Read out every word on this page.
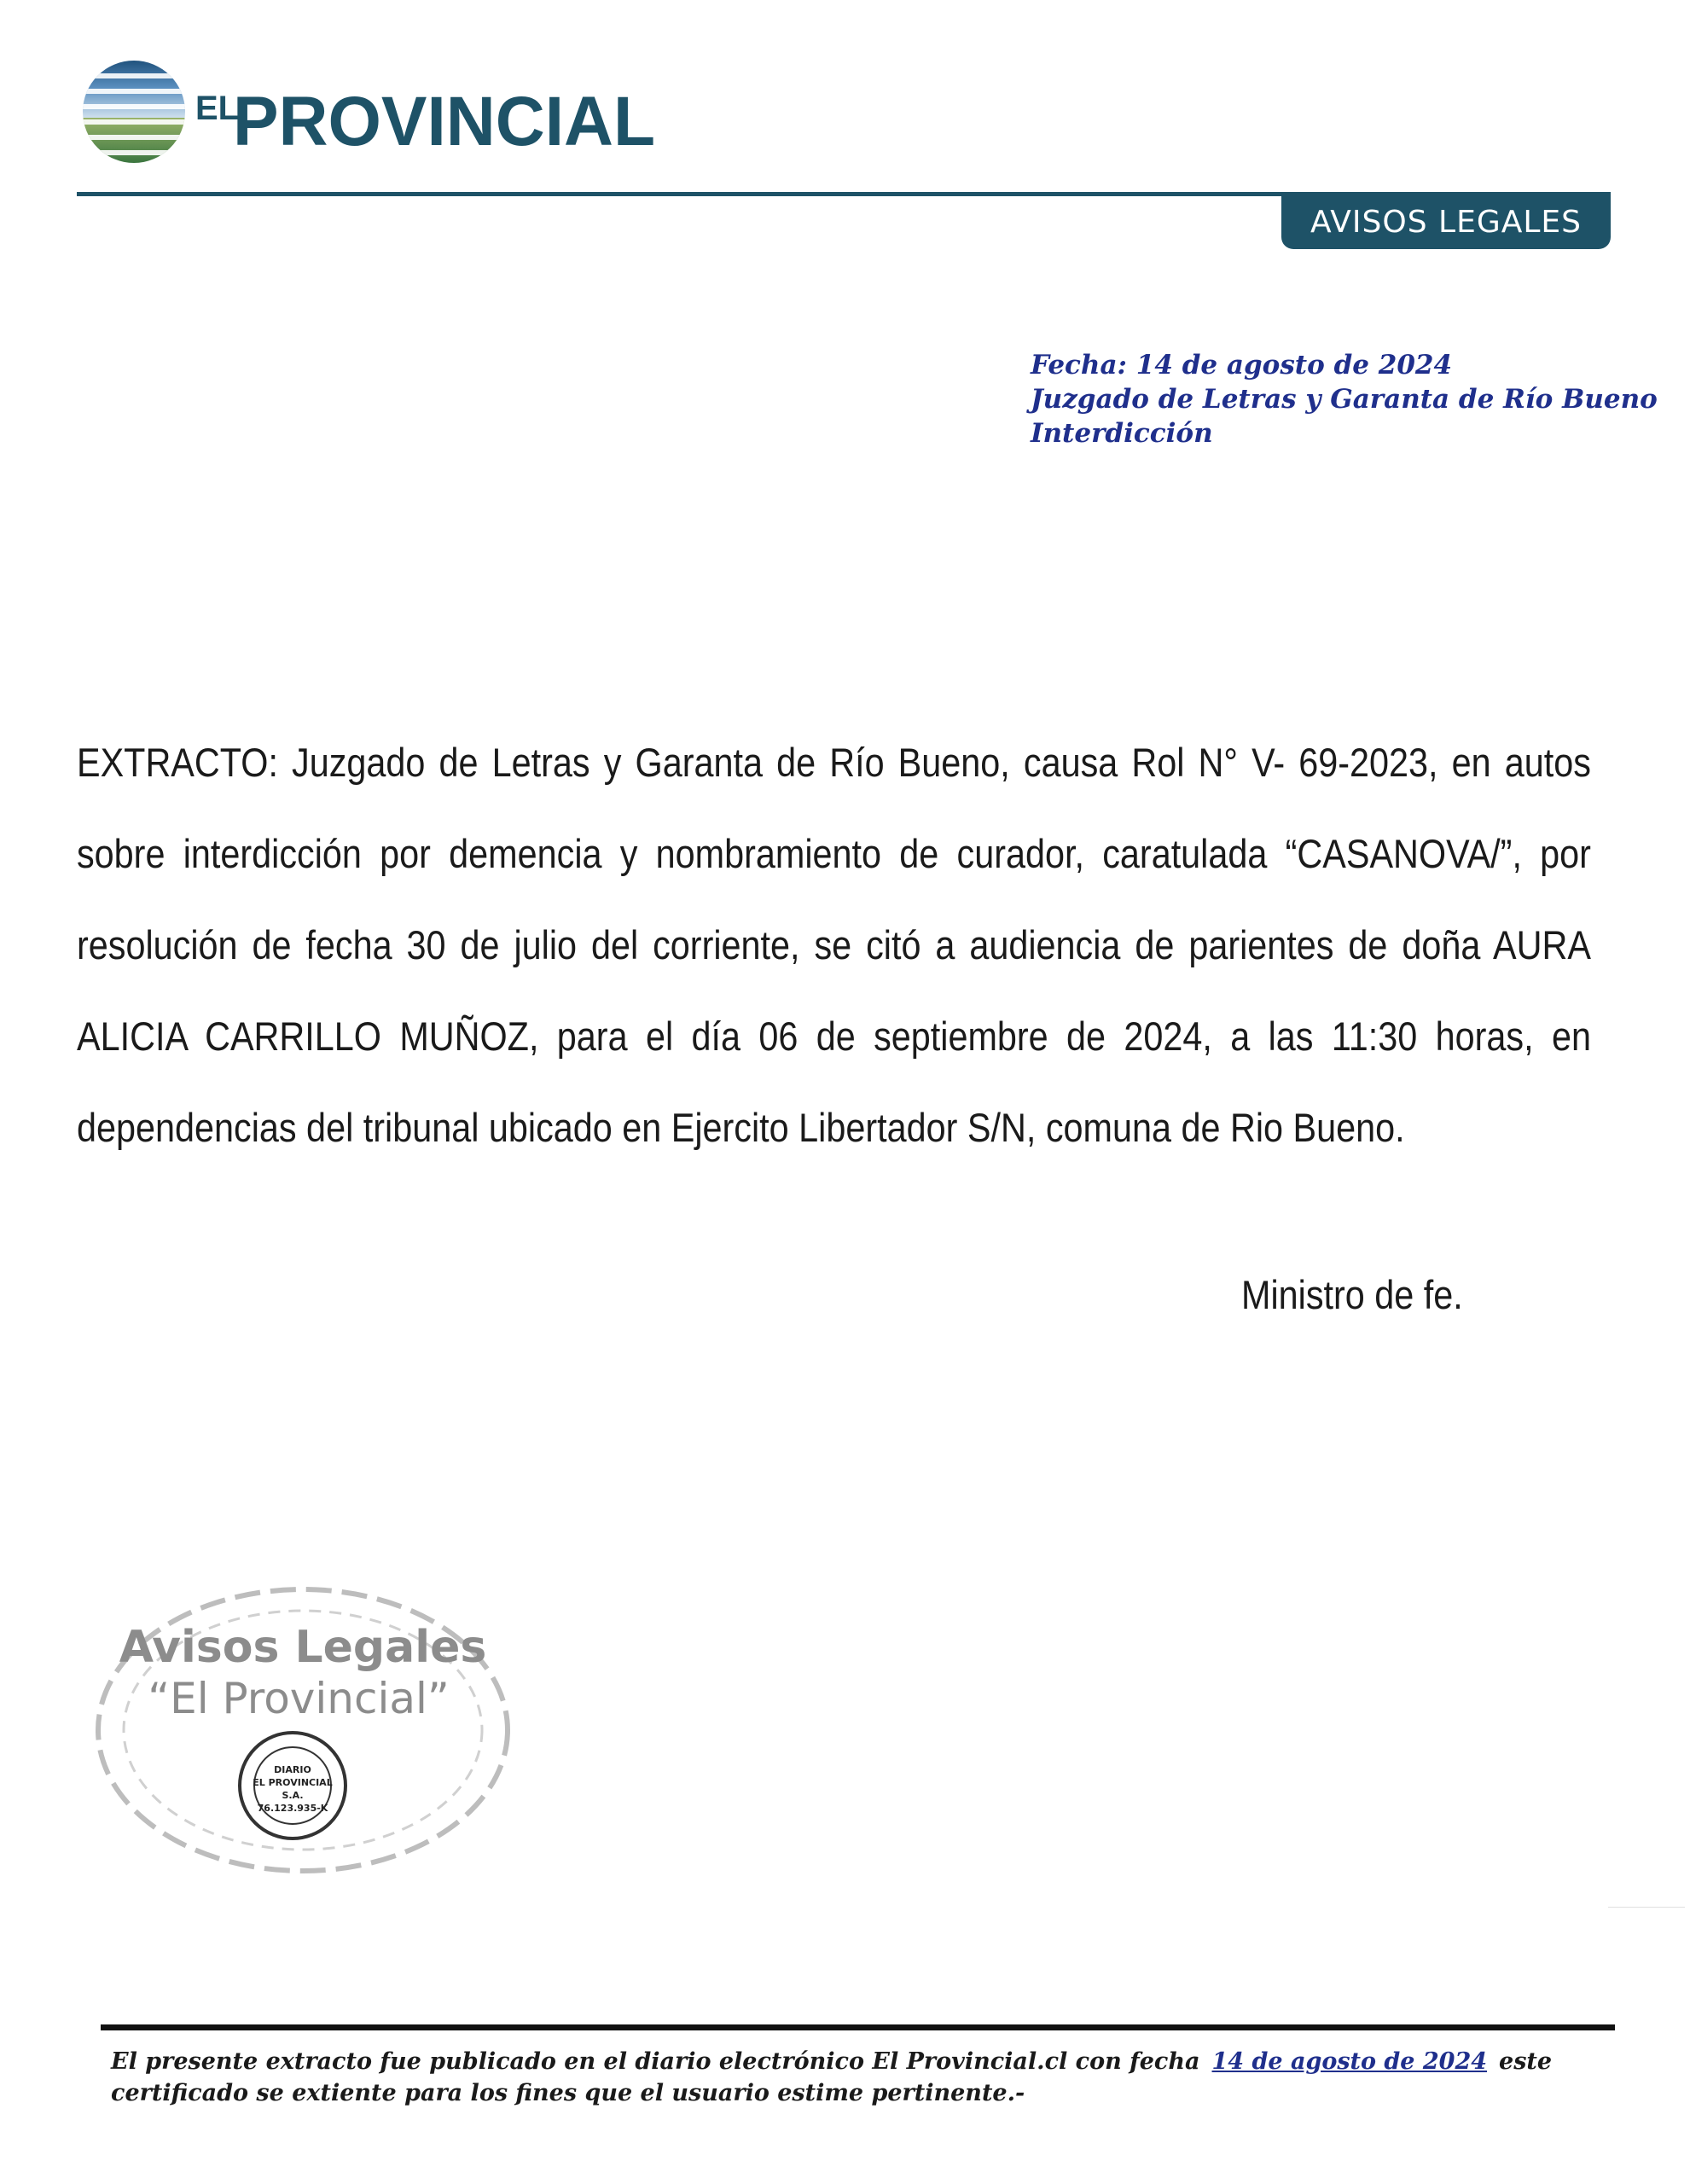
EL
PROVINCIAL
AVISOS LEGALES
Fecha: 14 de agosto de 2024
Juzgado de Letras y Garanta de Río Bueno
Interdicción
EXTRACTO: Juzgado de Letras y Garanta de Río Bueno, causa Rol N° V- 69-2023, en autos sobre interdicción por demencia y nombramiento de curador, caratulada “CASANOVA/”, por resolución de fecha 30 de julio del corriente, se citó a audiencia de parientes de doña AURA ALICIA CARRILLO MUÑOZ, para el día 06 de septiembre de 2024, a las 11:30 horas, en dependencias del tribunal ubicado en Ejercito Libertador S/N, comuna de Rio Bueno.
Ministro de fe.
Avisos Legales
“El Provincial”
DIARIO
EL PROVINCIAL
S.A.
76.123.935-K
El presente extracto fue publicado en el diario electrónico El Provincial.cl con fecha 14 de agosto de 2024 este certificado se extiente para los fines que el usuario estime pertinente.-
